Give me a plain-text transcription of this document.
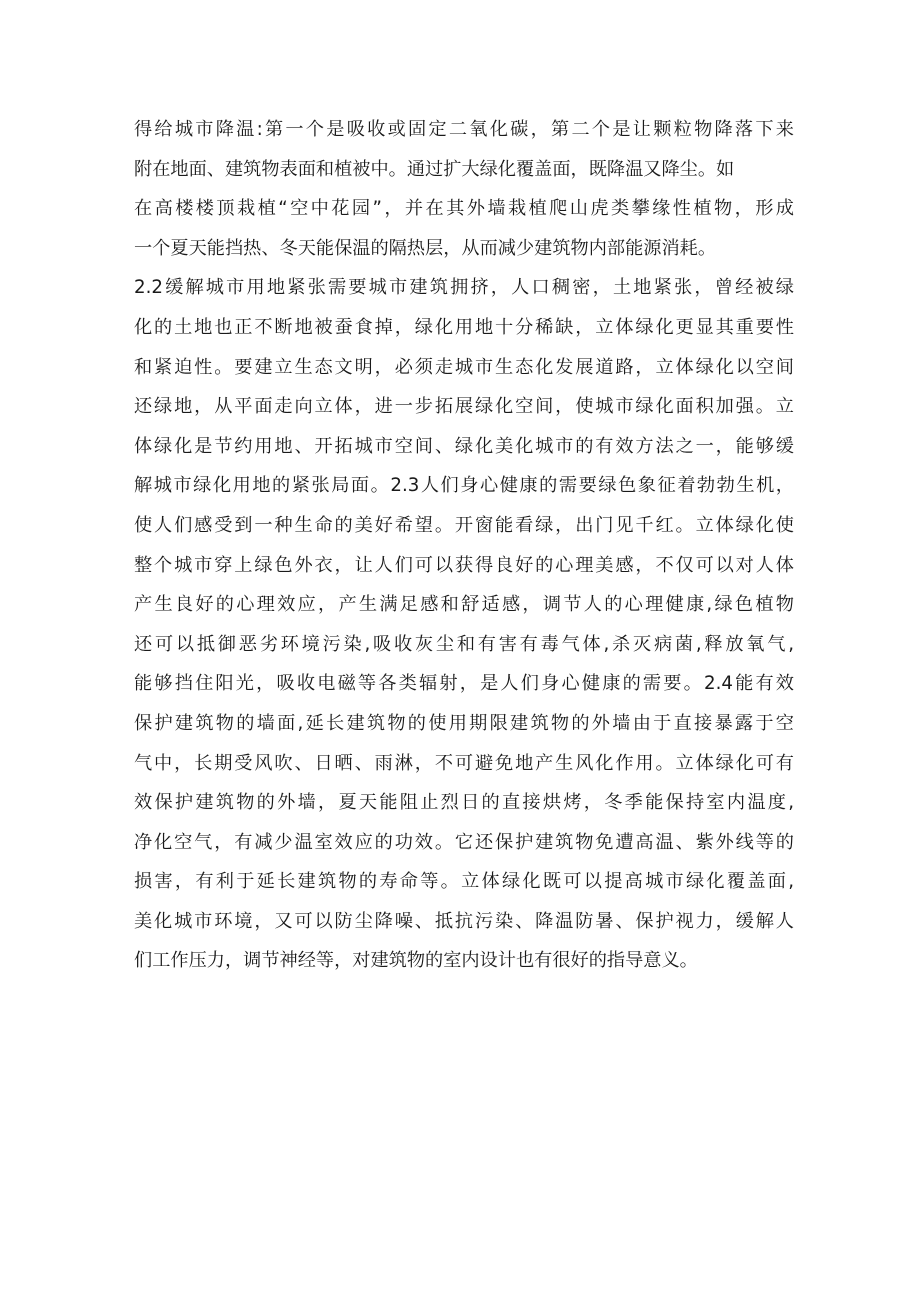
得给城市降温:第一个是吸收或固定二氧化碳，第二个是让颗粒物降落下来
附在地面、建筑物表面和植被中。通过扩大绿化覆盖面，既降温又降尘。如
在高楼楼顶栽植“空中花园”，并在其外墙栽植爬山虎类攀缘性植物，形成
一个夏天能挡热、冬天能保温的隔热层，从而减少建筑物内部能源消耗。
2.2缓解城市用地紧张需要城市建筑拥挤，人口稠密，土地紧张，曾经被绿
化的土地也正不断地被蚕食掉，绿化用地十分稀缺，立体绿化更显其重要性
和紧迫性。要建立生态文明，必须走城市生态化发展道路，立体绿化以空间
还绿地，从平面走向立体，进一步拓展绿化空间，使城市绿化面积加强。立
体绿化是节约用地、开拓城市空间、绿化美化城市的有效方法之一，能够缓
解城市绿化用地的紧张局面。2.3人们身心健康的需要绿色象征着勃勃生机，
使人们感受到一种生命的美好希望。开窗能看绿，出门见千红。立体绿化使
整个城市穿上绿色外衣，让人们可以获得良好的心理美感，不仅可以对人体
产生良好的心理效应，产生满足感和舒适感，调节人的心理健康,绿色植物
还可以抵御恶劣环境污染,吸收灰尘和有害有毒气体,杀灭病菌,释放氧气,
能够挡住阳光，吸收电磁等各类辐射，是人们身心健康的需要。2.4能有效
保护建筑物的墙面,延长建筑物的使用期限建筑物的外墙由于直接暴露于空
气中，长期受风吹、日晒、雨淋，不可避免地产生风化作用。立体绿化可有
效保护建筑物的外墙，夏天能阻止烈日的直接烘烤，冬季能保持室内温度,
净化空气，有减少温室效应的功效。它还保护建筑物免遭高温、紫外线等的
损害，有利于延长建筑物的寿命等。立体绿化既可以提高城市绿化覆盖面,
美化城市环境，又可以防尘降噪、抵抗污染、降温防暑、保护视力，缓解人
们工作压力，调节神经等，对建筑物的室内设计也有很好的指导意义。
